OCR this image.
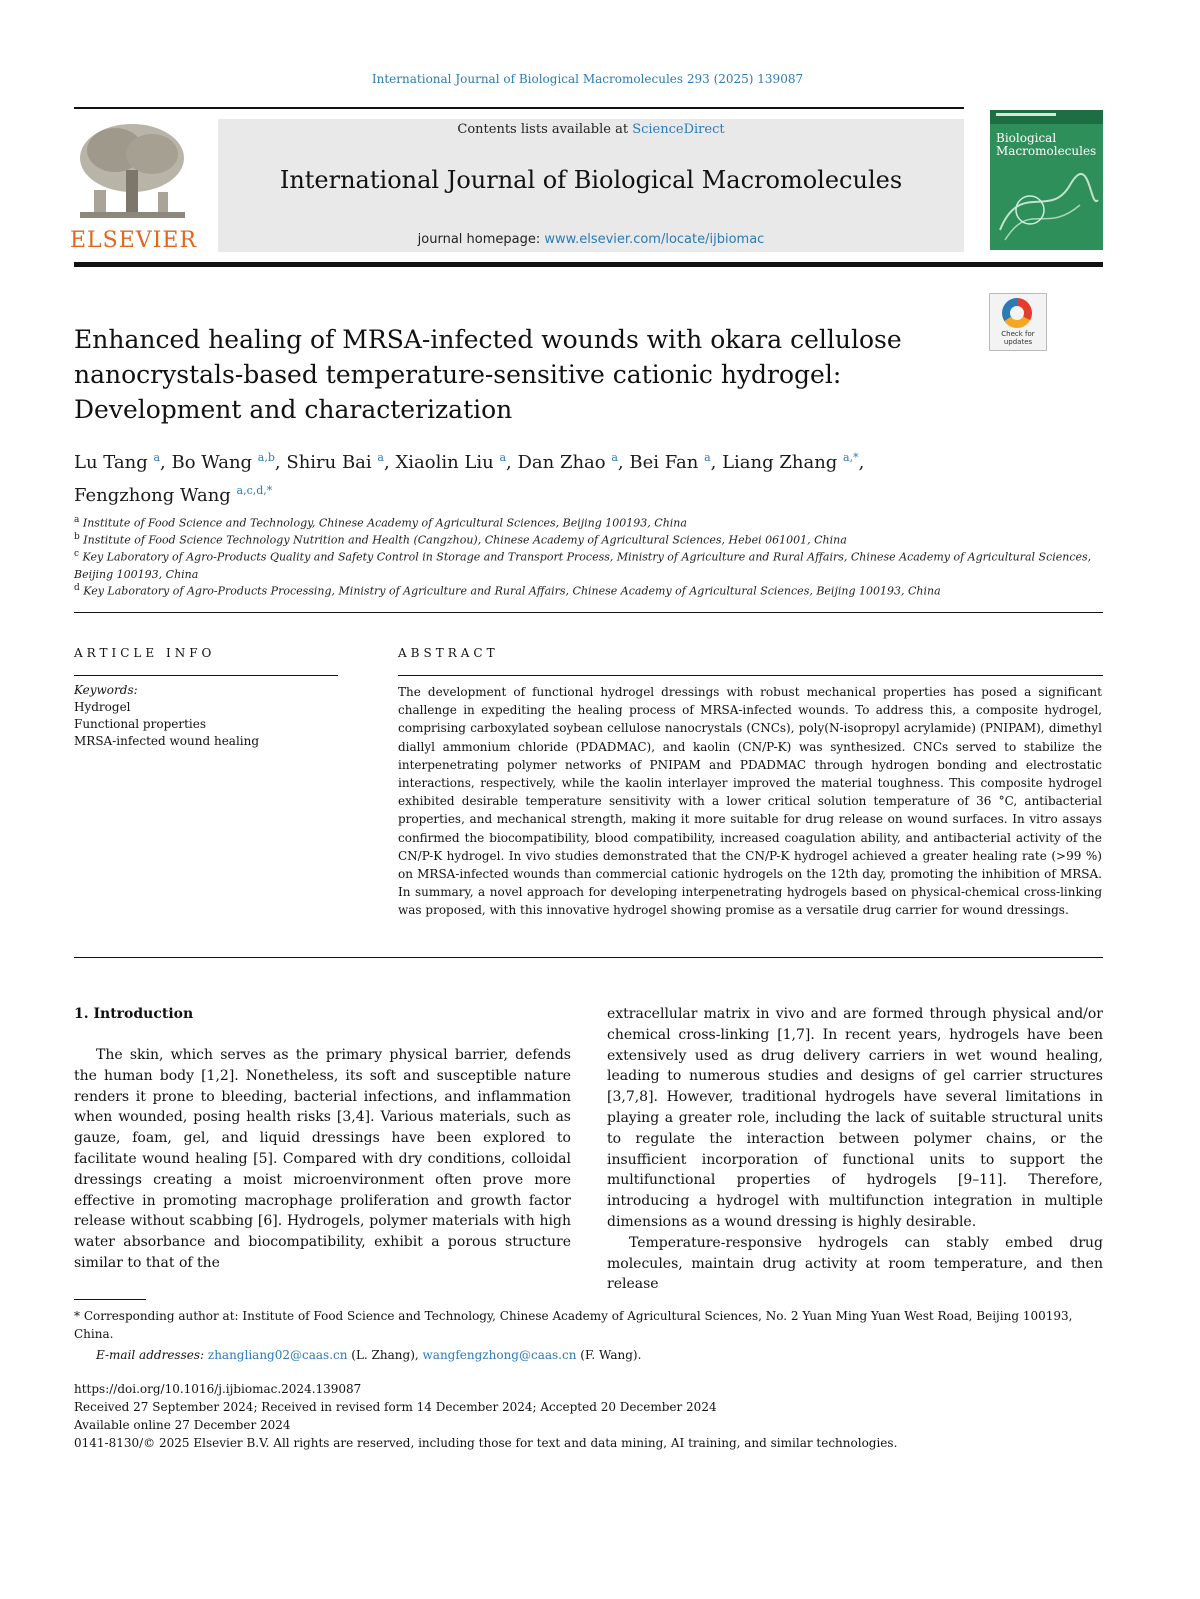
International Journal of Biological Macromolecules 293 (2025) 139087
ELSEVIER
Contents lists available at ScienceDirect
International Journal of Biological Macromolecules
journal homepage: www.elsevier.com/locate/ijbiomac
Biological
Macromolecules
Check for updates
Enhanced healing of MRSA-infected wounds with okara cellulose nanocrystals-based temperature-sensitive cationic hydrogel: Development and characterization
Lu Tang $^a$, Bo Wang $^{a,b}$, Shiru Bai $^a$, Xiaolin Liu $^a$, Dan Zhao $^a$, Bei Fan $^a$, Liang Zhang $^{a,*}$,
Fengzhong Wang $^{a,c,d,*}$
$^a$ Institute of Food Science and Technology, Chinese Academy of Agricultural Sciences, Beijing 100193, China
$^b$ Institute of Food Science Technology Nutrition and Health (Cangzhou), Chinese Academy of Agricultural Sciences, Hebei 061001, China
$^c$ Key Laboratory of Agro-Products Quality and Safety Control in Storage and Transport Process, Ministry of Agriculture and Rural Affairs, Chinese Academy of Agricultural Sciences, Beijing 100193, China
$^d$ Key Laboratory of Agro-Products Processing, Ministry of Agriculture and Rural Affairs, Chinese Academy of Agricultural Sciences, Beijing 100193, China
ARTICLE INFO
Keywords:
Hydrogel
Functional properties
MRSA-infected wound healing
ABSTRACT
The development of functional hydrogel dressings with robust mechanical properties has posed a significant challenge in expediting the healing process of MRSA-infected wounds. To address this, a composite hydrogel, comprising carboxylated soybean cellulose nanocrystals (CNCs), poly(N-isopropyl acrylamide) (PNIPAM), dimethyl diallyl ammonium chloride (PDADMAC), and kaolin (CN/P-K) was synthesized. CNCs served to stabilize the interpenetrating polymer networks of PNIPAM and PDADMAC through hydrogen bonding and electrostatic interactions, respectively, while the kaolin interlayer improved the material toughness. This composite hydrogel exhibited desirable temperature sensitivity with a lower critical solution temperature of 36 °C, antibacterial properties, and mechanical strength, making it more suitable for drug release on wound surfaces. In vitro assays confirmed the biocompatibility, blood compatibility, increased coagulation ability, and antibacterial activity of the CN/P-K hydrogel. In vivo studies demonstrated that the CN/P-K hydrogel achieved a greater healing rate (>99 %) on MRSA-infected wounds than commercial cationic hydrogels on the 12th day, promoting the inhibition of MRSA. In summary, a novel approach for developing interpenetrating hydrogels based on physical-chemical cross-linking was proposed, with this innovative hydrogel showing promise as a versatile drug carrier for wound dressings.
1. Introduction

The skin, which serves as the primary physical barrier, defends the human body [1,2]. Nonetheless, its soft and susceptible nature renders it prone to bleeding, bacterial infections, and inflammation when wounded, posing health risks [3,4]. Various materials, such as gauze, foam, gel, and liquid dressings have been explored to facilitate wound healing [5]. Compared with dry conditions, colloidal dressings creating a moist microenvironment often prove more effective in promoting macrophage proliferation and growth factor release without scabbing [6]. Hydrogels, polymer materials with high water absorbance and biocompatibility, exhibit a porous structure similar to that of the

extracellular matrix in vivo and are formed through physical and/or chemical cross-linking [1,7]. In recent years, hydrogels have been extensively used as drug delivery carriers in wet wound healing, leading to numerous studies and designs of gel carrier structures [3,7,8]. However, traditional hydrogels have several limitations in playing a greater role, including the lack of suitable structural units to regulate the interaction between polymer chains, or the insufficient incorporation of functional units to support the multifunctional properties of hydrogels [9–11]. Therefore, introducing a hydrogel with multifunction integration in multiple dimensions as a wound dressing is highly desirable.

Temperature-responsive hydrogels can stably embed drug molecules, maintain drug activity at room temperature, and then release

* Corresponding author at: Institute of Food Science and Technology, Chinese Academy of Agricultural Sciences, No. 2 Yuan Ming Yuan West Road, Beijing 100193, China.
E-mail addresses: zhangliang02@caas.cn (L. Zhang), wangfengzhong@caas.cn (F. Wang).
https://doi.org/10.1016/j.ijbiomac.2024.139087
Received 27 September 2024; Received in revised form 14 December 2024; Accepted 20 December 2024
Available online 27 December 2024
0141-8130/© 2025 Elsevier B.V. All rights are reserved, including those for text and data mining, AI training, and similar technologies.
